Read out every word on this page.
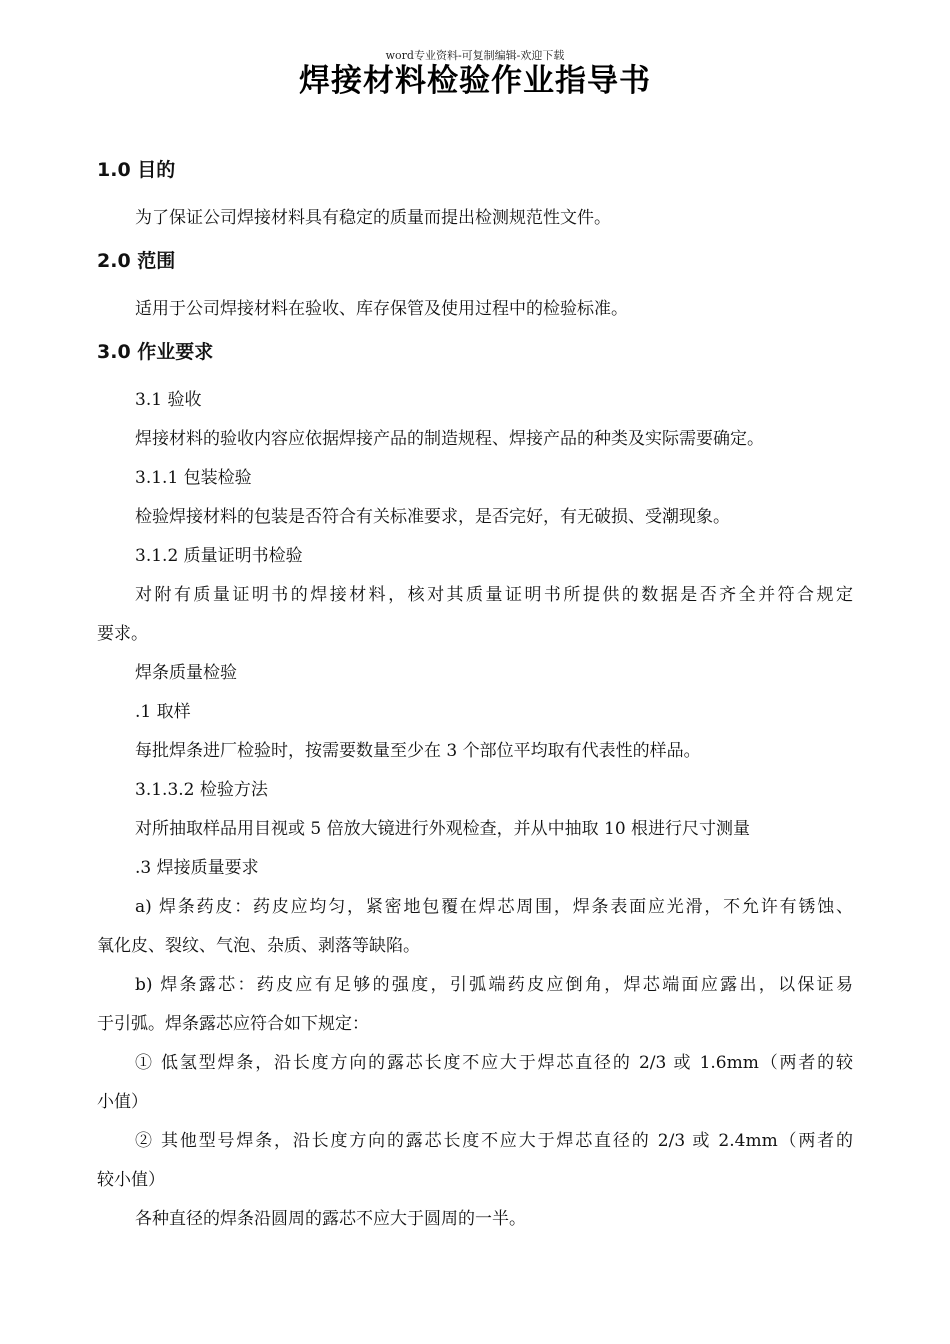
word专业资料-可复制编辑-欢迎下载
焊接材料检验作业指导书
1.0 目的
为了保证公司焊接材料具有稳定的质量而提出检测规范性文件。
2.0 范围
适用于公司焊接材料在验收、库存保管及使用过程中的检验标准。
3.0 作业要求
3.1 验收
焊接材料的验收内容应依据焊接产品的制造规程、焊接产品的种类及实际需要确定。
3.1.1 包装检验
检验焊接材料的包装是否符合有关标准要求，是否完好，有无破损、受潮现象。
3.1.2 质量证明书检验
对附有质量证明书的焊接材料，核对其质量证明书所提供的数据是否齐全并符合规定
要求。
焊条质量检验
.1 取样
每批焊条进厂检验时，按需要数量至少在 3 个部位平均取有代表性的样品。
3.1.3.2 检验方法
对所抽取样品用目视或 5 倍放大镜进行外观检查，并从中抽取 10 根进行尺寸测量
.3 焊接质量要求
a) 焊条药皮：药皮应均匀，紧密地包覆在焊芯周围，焊条表面应光滑，不允许有锈蚀、
氧化皮、裂纹、气泡、杂质、剥落等缺陷。
b) 焊条露芯：药皮应有足够的强度，引弧端药皮应倒角，焊芯端面应露出，以保证易
于引弧。焊条露芯应符合如下规定：
① 低氢型焊条，沿长度方向的露芯长度不应大于焊芯直径的 2/3 或 1.6mm（两者的较
小值）
② 其他型号焊条，沿长度方向的露芯长度不应大于焊芯直径的 2/3 或 2.4mm（两者的
较小值）
各种直径的焊条沿圆周的露芯不应大于圆周的一半。
